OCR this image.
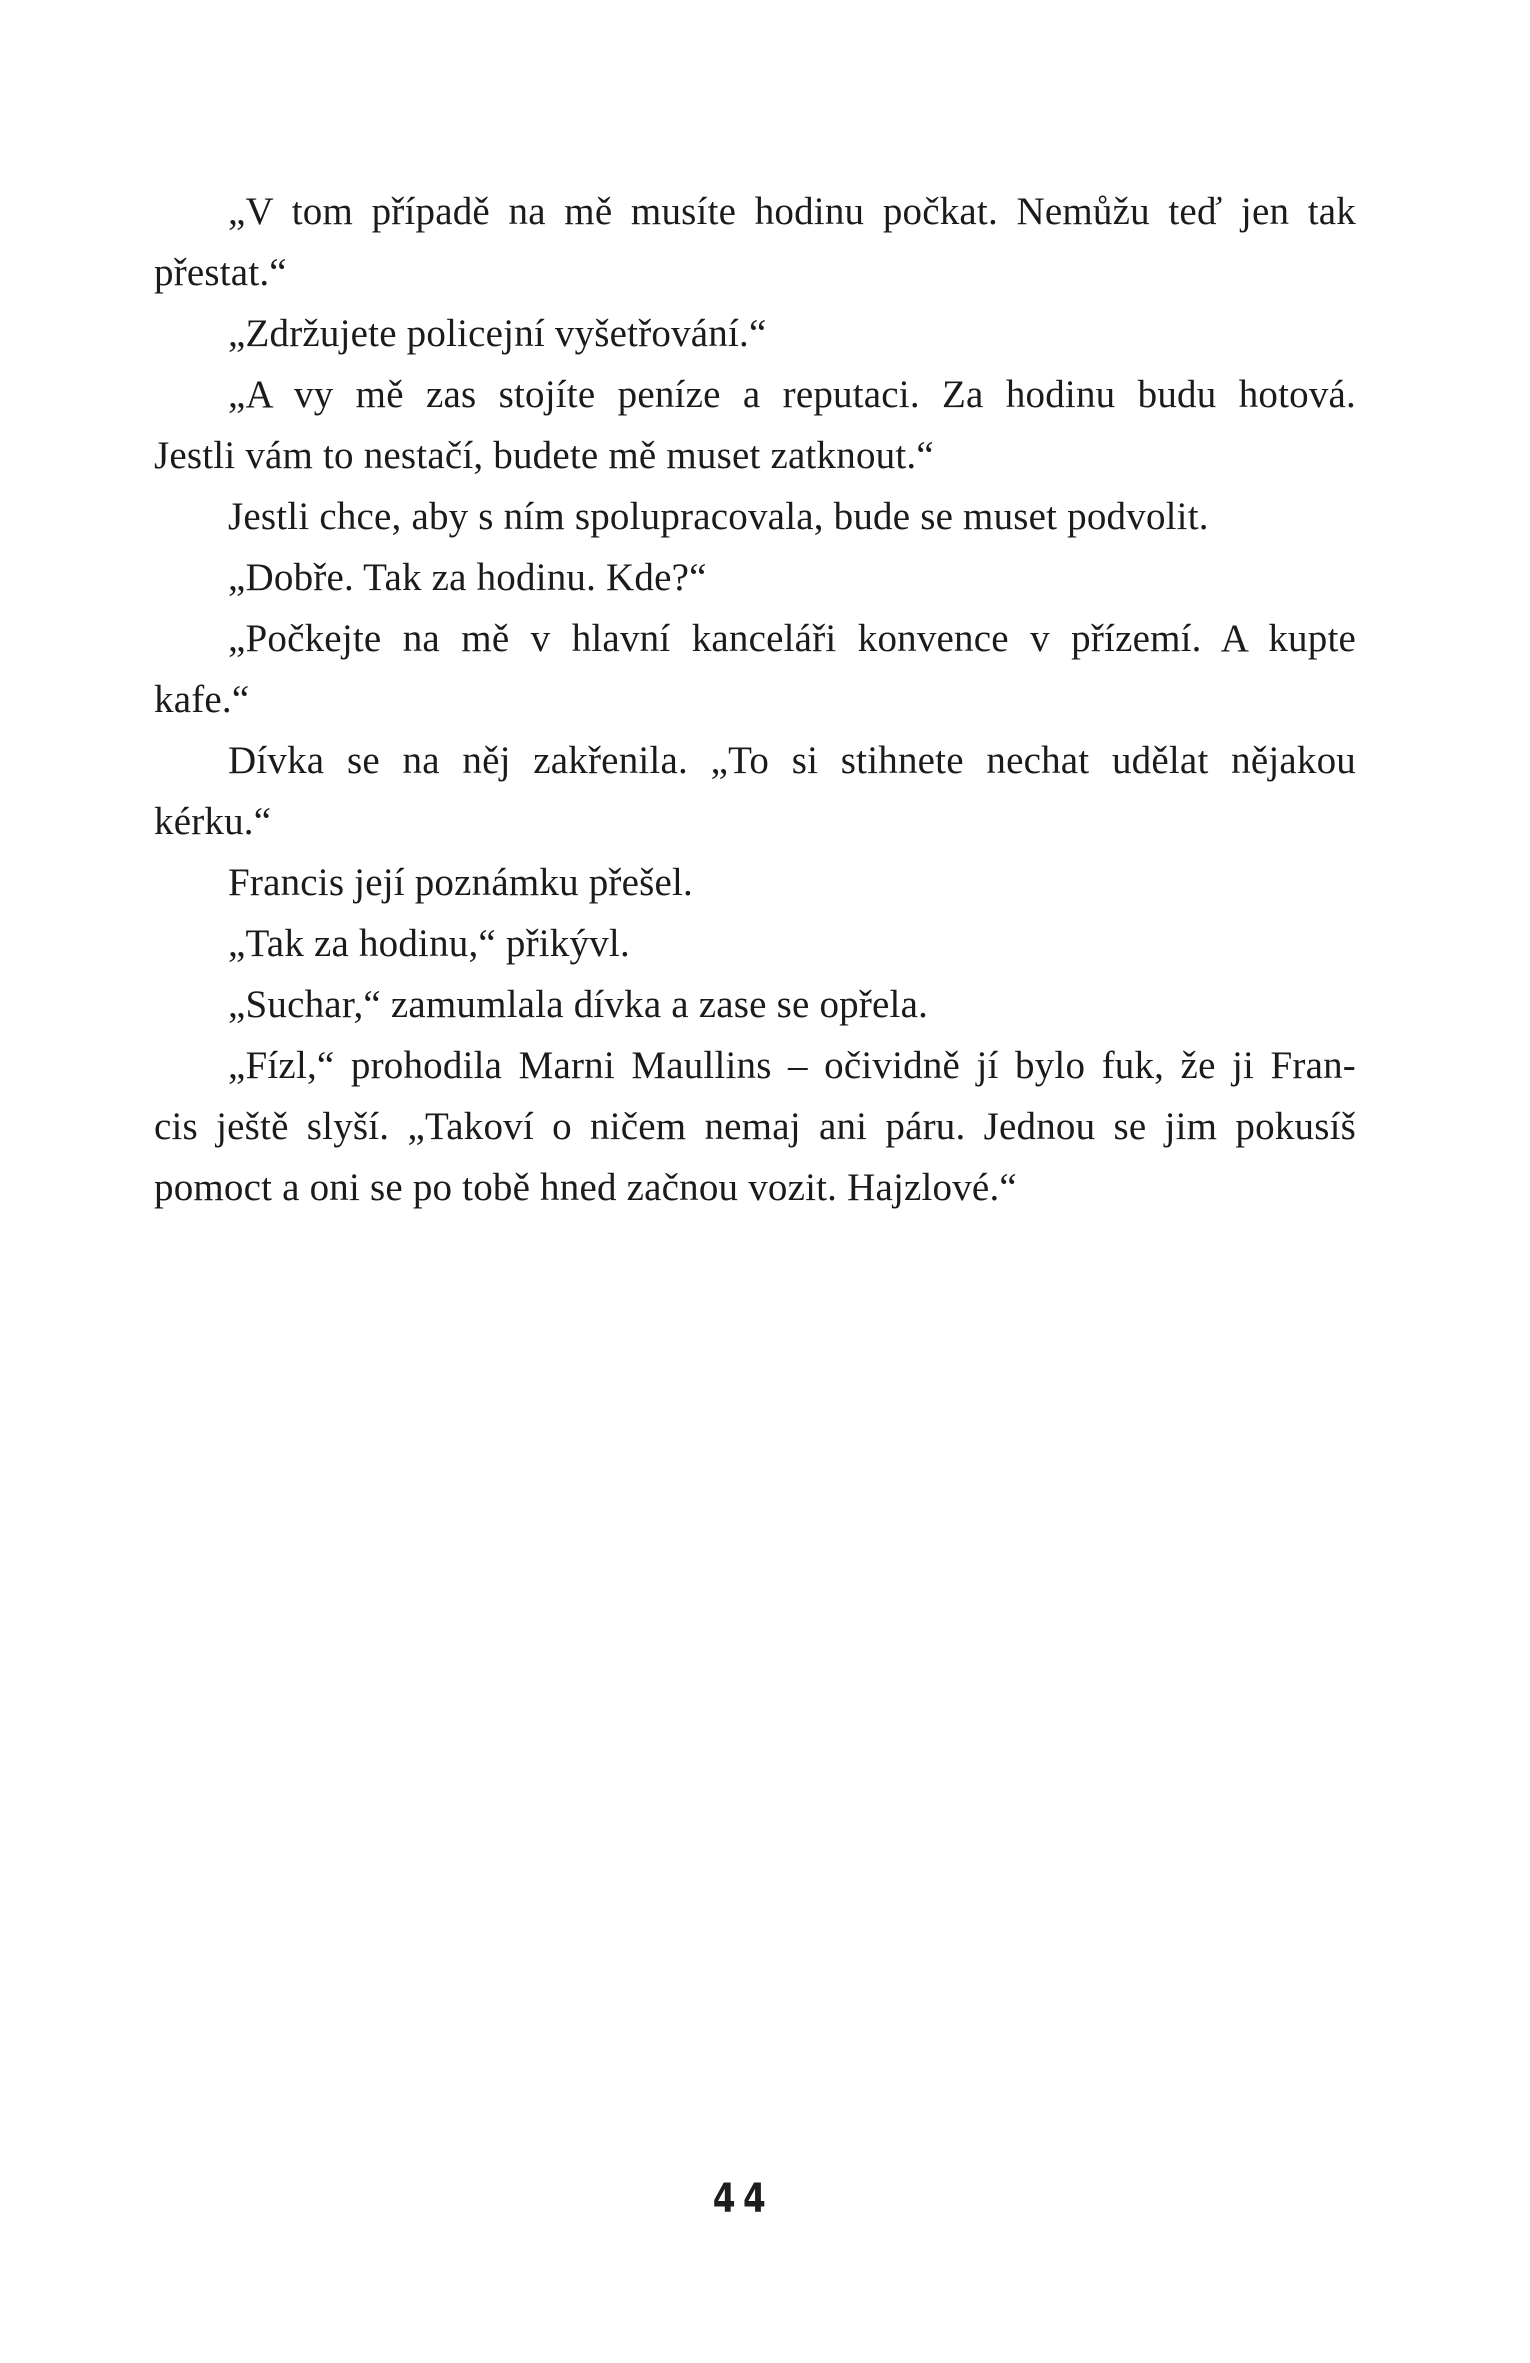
„V tom případě na mě musíte hodinu počkat. Nemůžu teď jen tak
přestat.“

„Zdržujete policejní vyšetřování.“

„A vy mě zas stojíte peníze a reputaci. Za hodinu budu hotová.
Jestli vám to nestačí, budete mě muset zatknout.“

Jestli chce, aby s ním spolupracovala, bude se muset podvolit.

„Dobře. Tak za hodinu. Kde?“

„Počkejte na mě v hlavní kanceláři konvence v přízemí. A kupte
kafe.“

Dívka se na něj zakřenila. „To si stihnete nechat udělat nějakou
kérku.“

Francis její poznámku přešel.

„Tak za hodinu,“ přikývl.

„Suchar,“ zamumlala dívka a zase se opřela.

„Fízl,“ prohodila Marni Maullins – očividně jí bylo fuk, že ji Fran-
cis ještě slyší. „Takoví o ničem nemaj ani páru. Jednou se jim pokusíš
pomoct a oni se po tobě hned začnou vozit. Hajzlové.“

44
